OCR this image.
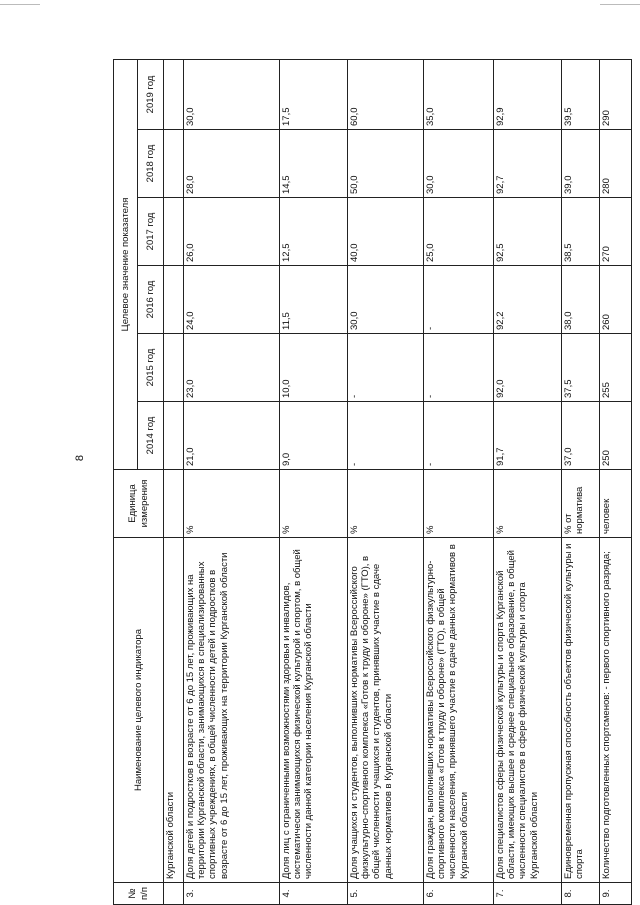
8
№ п/п	Наименование целевого индикатора	Единица измерения	Целевое значение показателя					
			2014 год	2015 год	2016 год	2017 год	2018 год	2019 год
	Курганской области							
3.	Доля детей и подростков в возрасте от 6 до 15 лет, проживающих на территории Курганской области, занимающихся в специализированных спортивных учреждениях, в общей численности детей и подростков в возрасте от 6 до 15 лет, проживающих на территории Курганской области	%	21,0	23,0	24,0	26,0	28,0	30,0
4.	Доля лиц с ограниченными возможностями здоровья и инвалидов, систематически занимающихся физической культурой и спортом, в общей численности данной категории населения Курганской области	%	9,0	10,0	11,5	12,5	14,5	17,5
5.	Доля учащихся и студентов, выполнивших нормативы Всероссийского физкультурно-спортивного комплекса «Готов к труду и обороне» (ГТО), в общей численности учащихся и студентов, принявших участие в сдаче данных нормативов в Курганской области	%	-	-	30,0	40,0	50,0	60,0
6.	Доля граждан, выполнивших нормативы Всероссийского физкультурно-спортивного комплекса «Готов к труду и обороне» (ГТО), в общей численности населения, принявшего участие в сдаче данных нормативов в Курганской области	%	-	-	-	25,0	30,0	35,0
7.	Доля специалистов сферы физической культуры и спорта Курганской области, имеющих высшее и среднее специальное образование, в общей численности специалистов в сфере физической культуры и спорта Курганской области	%	91,7	92,0	92,2	92,5	92,7	92,9
8.	Единовременная пропускная способность объектов физической культуры и спорта	% от норматива	37,0	37,5	38,0	38,5	39,0	39,5
9.	Количество подготовленных спортсменов: - первого спортивного разряда;	человек	250	255	260	270	280	290
